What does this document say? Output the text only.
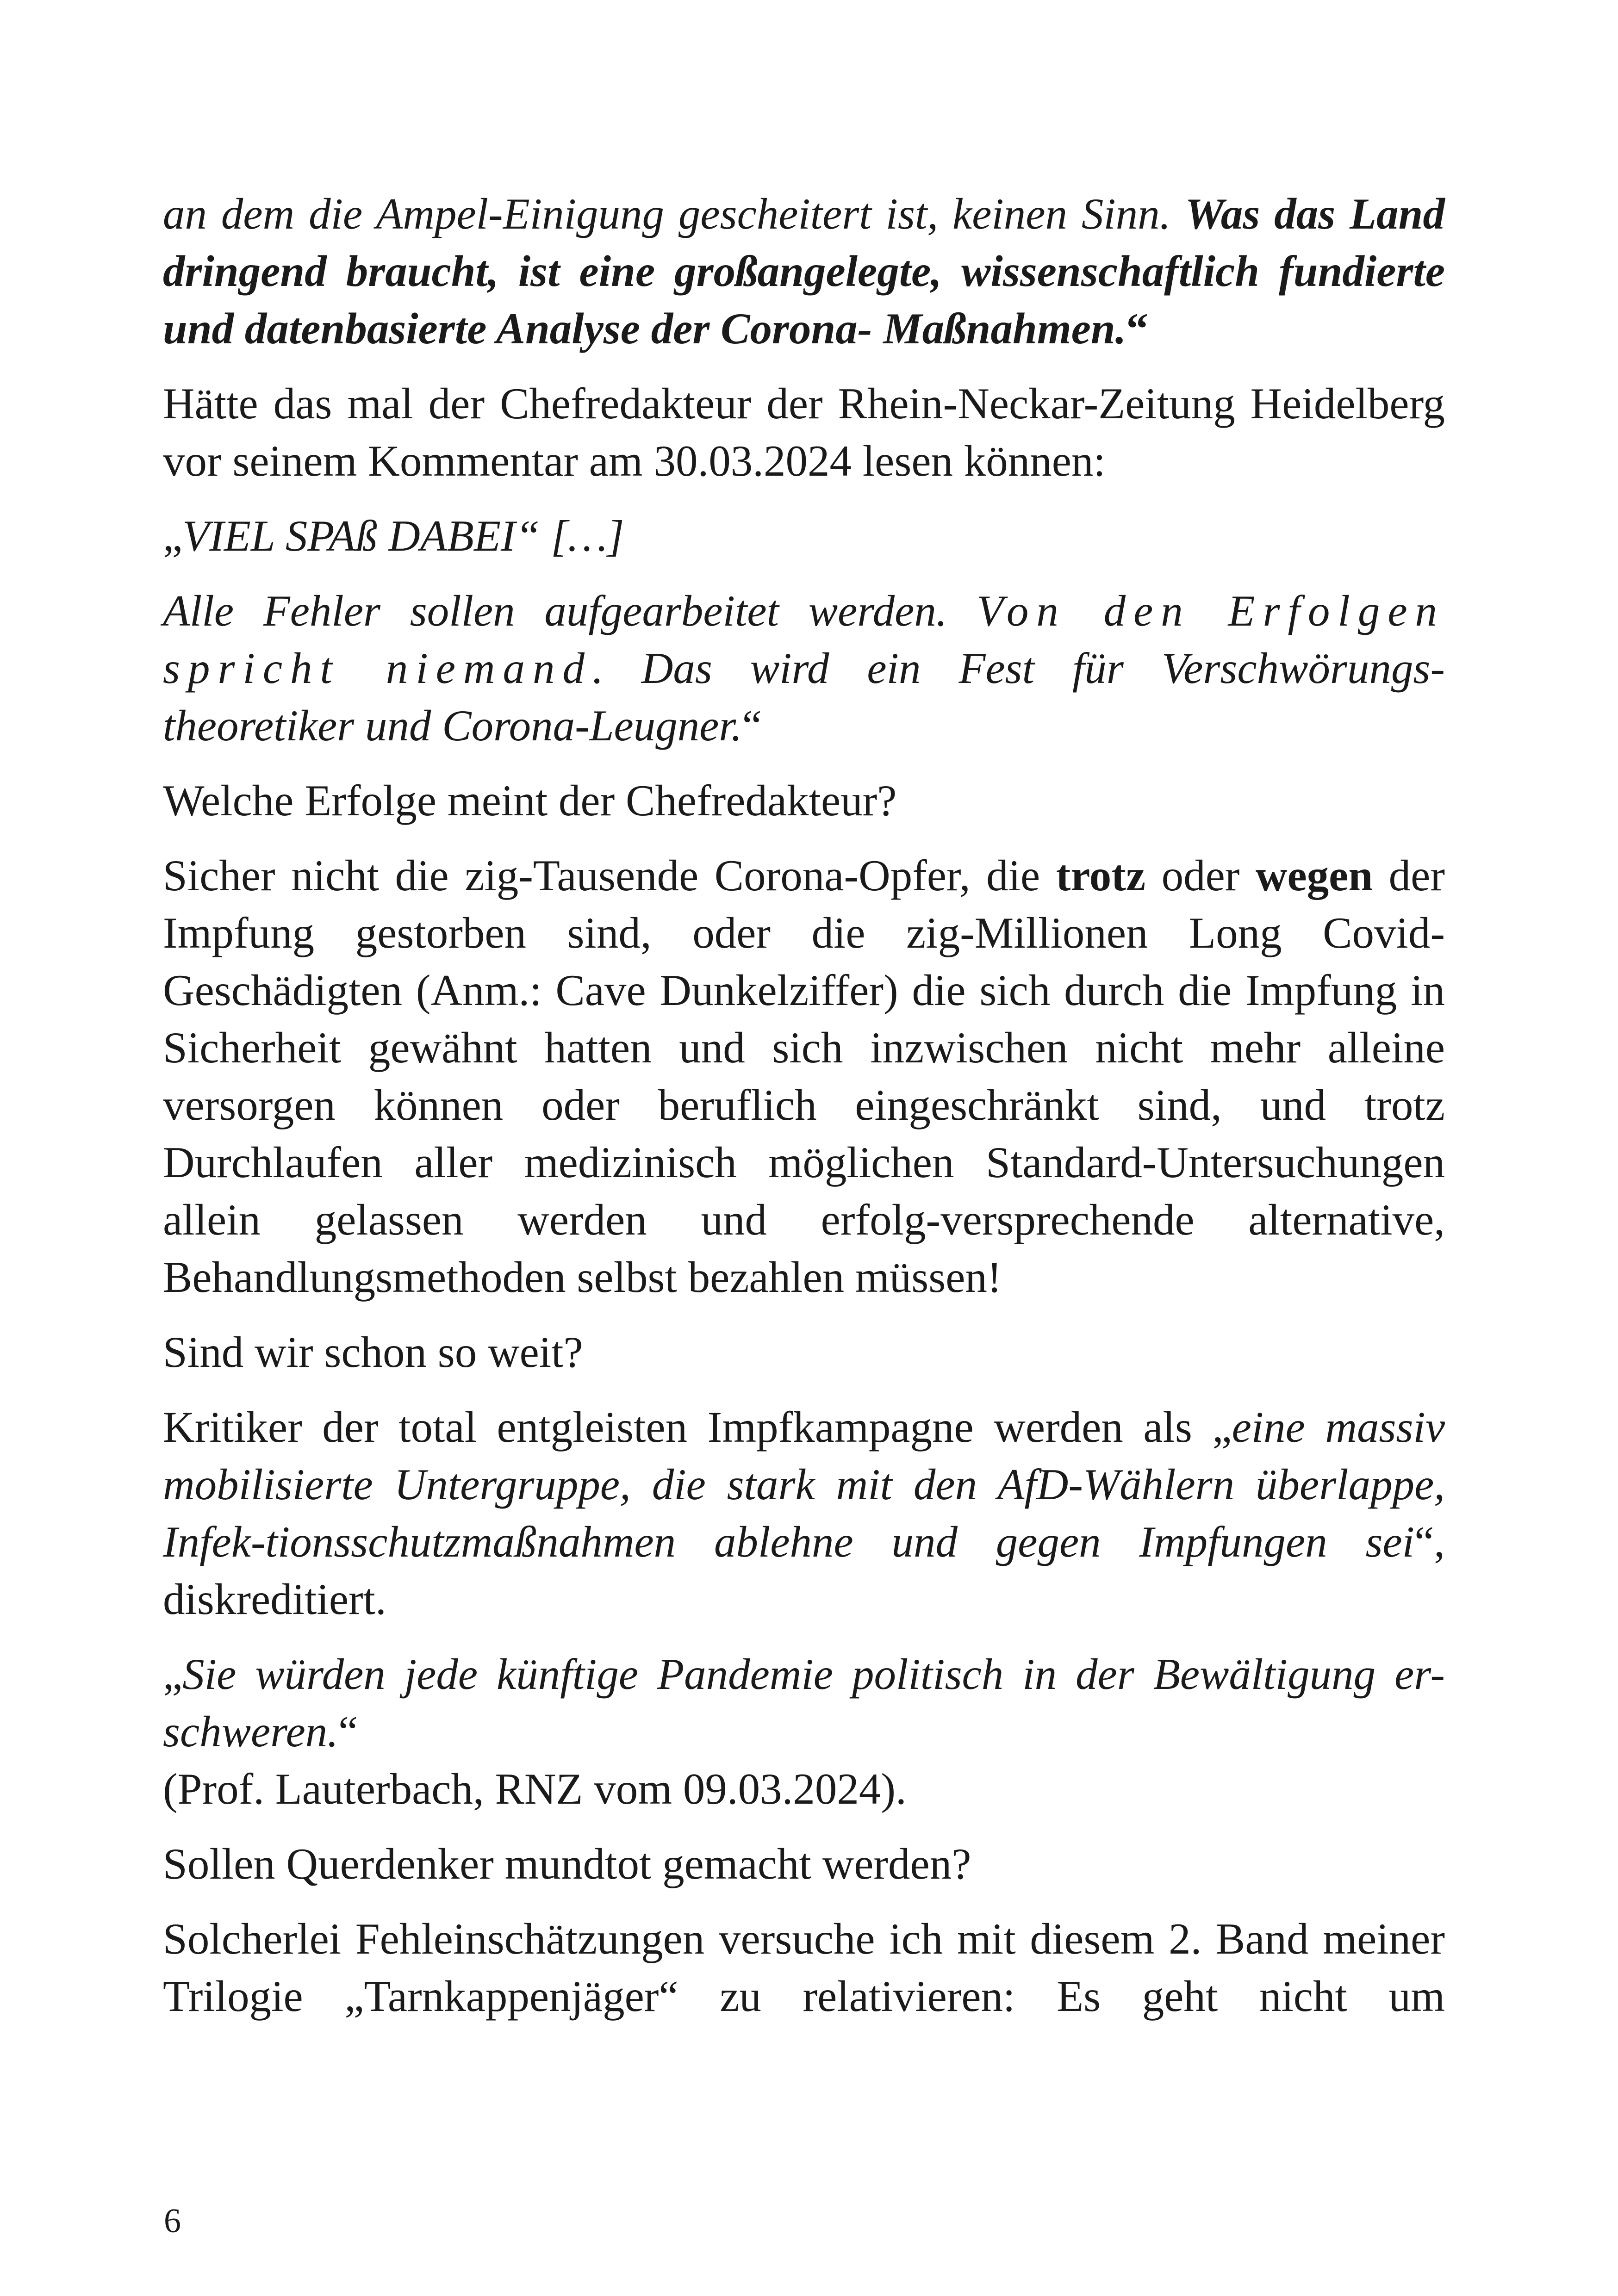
an dem die Ampel-Einigung gescheitert ist, keinen Sinn. Was das Land dringend braucht, ist eine großangelegte, wissenschaftlich fundierte und datenbasierte Analyse der Corona- Maßnahmen.“

Hätte das mal der Chefredakteur der Rhein-Neckar-Zeitung Heidelberg vor seinem Kommentar am 30.03.2024 lesen können:

„VIEL SPAß DABEI“ […]

Alle Fehler sollen aufgearbeitet werden. Von den Erfolgen spricht niemand. Das wird ein Fest für Verschwörungs-theoretiker und Corona-Leugner.“

Welche Erfolge meint der Chefredakteur?

Sicher nicht die zig-Tausende Corona-Opfer, die trotz oder wegen der Impfung gestorben sind, oder die zig-Millionen Long Covid-Geschädigten (Anm.: Cave Dunkelziffer) die sich durch die Impfung in Sicherheit gewähnt hatten und sich inzwischen nicht mehr alleine versorgen können oder beruflich eingeschränkt sind, und trotz Durchlaufen aller medizinisch möglichen Standard-Untersuchungen allein gelassen werden und erfolg-versprechende alternative, Behandlungsmethoden selbst bezahlen müssen!

Sind wir schon so weit?

Kritiker der total entgleisten Impfkampagne werden als „eine massiv mobilisierte Untergruppe, die stark mit den AfD-Wählern überlappe, Infek-tionsschutzmaßnahmen ablehne und gegen Impfungen sei“, diskreditiert.

„Sie würden jede künftige Pandemie politisch in der Bewältigung er-schweren.“

(Prof. Lauterbach, RNZ vom 09.03.2024).

Sollen Querdenker mundtot gemacht werden?

Solcherlei Fehleinschätzungen versuche ich mit diesem 2. Band meiner Trilogie „Tarnkappenjäger“ zu relativieren: Es geht nicht um

6
